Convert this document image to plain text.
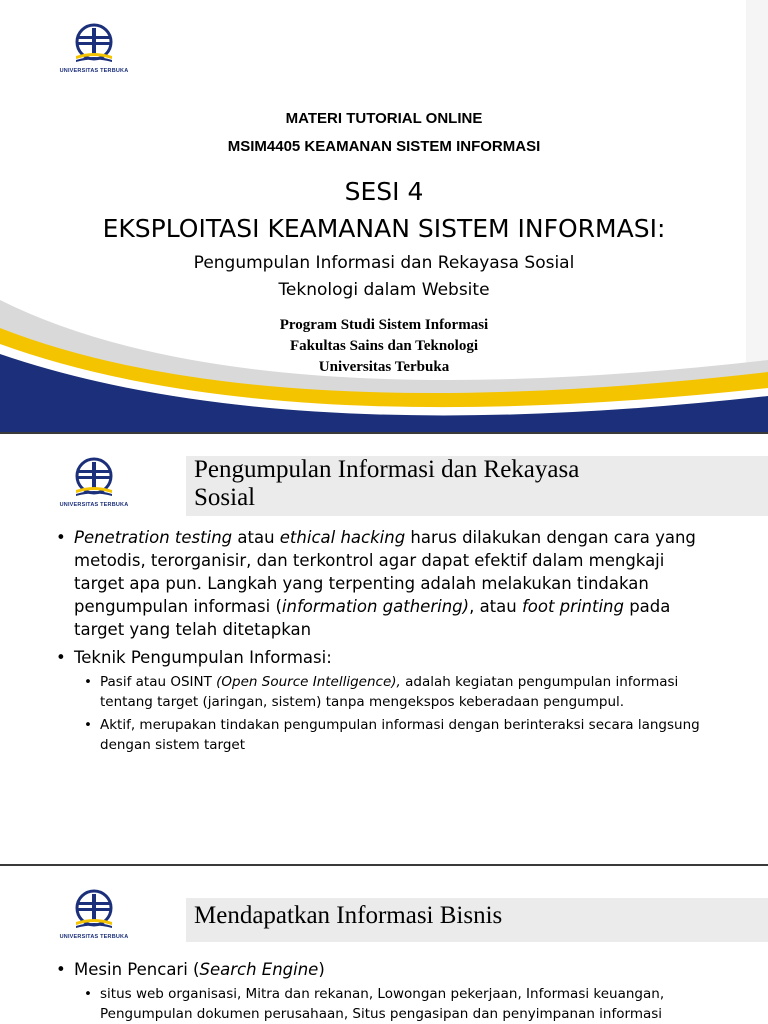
UNIVERSITAS TERBUKA
MATERI TUTORIAL ONLINE
MSIM4405 KEAMANAN SISTEM INFORMASI
SESI 4
EKSPLOITASI KEAMANAN SISTEM INFORMASI:
Pengumpulan Informasi dan Rekayasa Sosial
Teknologi dalam Website
Program Studi Sistem Informasi
Fakultas Sains dan Teknologi
Universitas Terbuka
UNIVERSITAS TERBUKA
Pengumpulan Informasi dan Rekayasa
Sosial
• Penetration testing atau ethical hacking harus dilakukan dengan cara yang metodis, terorganisir, dan terkontrol agar dapat efektif dalam mengkaji target apa pun. Langkah yang terpenting adalah melakukan tindakan pengumpulan informasi (information gathering), atau foot printing pada target yang telah ditetapkan
• Teknik Pengumpulan Informasi:
• Pasif atau OSINT (Open Source Intelligence), adalah kegiatan pengumpulan informasi tentang target (jaringan, sistem) tanpa mengekspos keberadaan pengumpul.
• Aktif, merupakan tindakan pengumpulan informasi dengan berinteraksi secara langsung dengan sistem target
UNIVERSITAS TERBUKA
Mendapatkan Informasi Bisnis
• Mesin Pencari (Search Engine)
• situs web organisasi, Mitra dan rekanan, Lowongan pekerjaan, Informasi keuangan, Pengumpulan dokumen perusahaan, Situs pengasipan dan penyimpanan informasi
